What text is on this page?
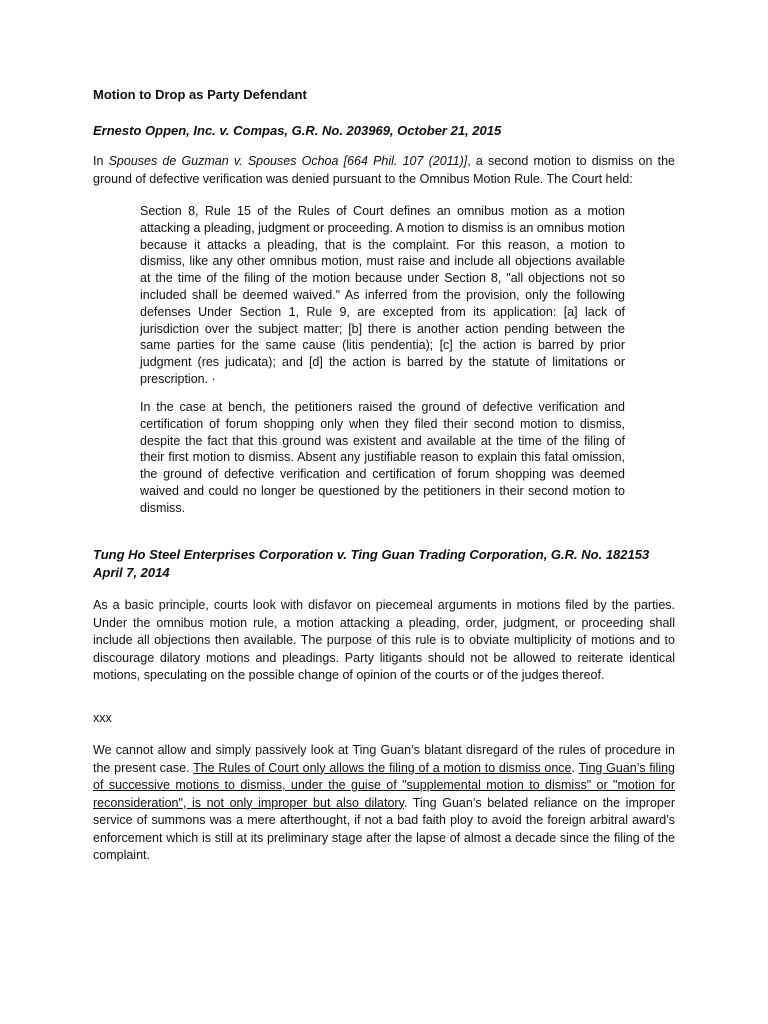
Motion to Drop as Party Defendant

Ernesto Oppen, Inc. v. Compas, G.R. No. 203969, October 21, 2015

In Spouses de Guzman v. Spouses Ochoa [664 Phil. 107 (2011)], a second motion to dismiss on the ground of defective verification was denied pursuant to the Omnibus Motion Rule. The Court held:

Section 8, Rule 15 of the Rules of Court defines an omnibus motion as a motion attacking a pleading, judgment or proceeding. A motion to dismiss is an omnibus motion because it attacks a pleading, that is the complaint. For this reason, a motion to dismiss, like any other omnibus motion, must raise and include all objections available at the time of the filing of the motion because under Section 8, "all objections not so included shall be deemed waived." As inferred from the provision, only the following defenses Under Section 1, Rule 9, are excepted from its application: [a] lack of jurisdiction over the subject matter; [b] there is another action pending between the same parties for the same cause (litis pendentia); [c] the action is barred by prior judgment (res judicata); and [d] the action is barred by the statute of limitations or prescription. ·

In the case at bench, the petitioners raised the ground of defective verification and certification of forum shopping only when they filed their second motion to dismiss, despite the fact that this ground was existent and available at the time of the filing of their first motion to dismiss. Absent any justifiable reason to explain this fatal omission, the ground of defective verification and certification of forum shopping was deemed waived and could no longer be questioned by the petitioners in their second motion to dismiss.

Tung Ho Steel Enterprises Corporation v. Ting Guan Trading Corporation, G.R. No. 182153 April 7, 2014

As a basic principle, courts look with disfavor on piecemeal arguments in motions filed by the parties. Under the omnibus motion rule, a motion attacking a pleading, order, judgment, or proceeding shall include all objections then available. The purpose of this rule is to obviate multiplicity of motions and to discourage dilatory motions and pleadings. Party litigants should not be allowed to reiterate identical motions, speculating on the possible change of opinion of the courts or of the judges thereof.

xxx

We cannot allow and simply passively look at Ting Guan’s blatant disregard of the rules of procedure in the present case. The Rules of Court only allows the filing of a motion to dismiss once. Ting Guan’s filing of successive motions to dismiss, under the guise of "supplemental motion to dismiss" or "motion for reconsideration", is not only improper but also dilatory. Ting Guan’s belated reliance on the improper service of summons was a mere afterthought, if not a bad faith ploy to avoid the foreign arbitral award’s enforcement which is still at its preliminary stage after the lapse of almost a decade since the filing of the complaint.
